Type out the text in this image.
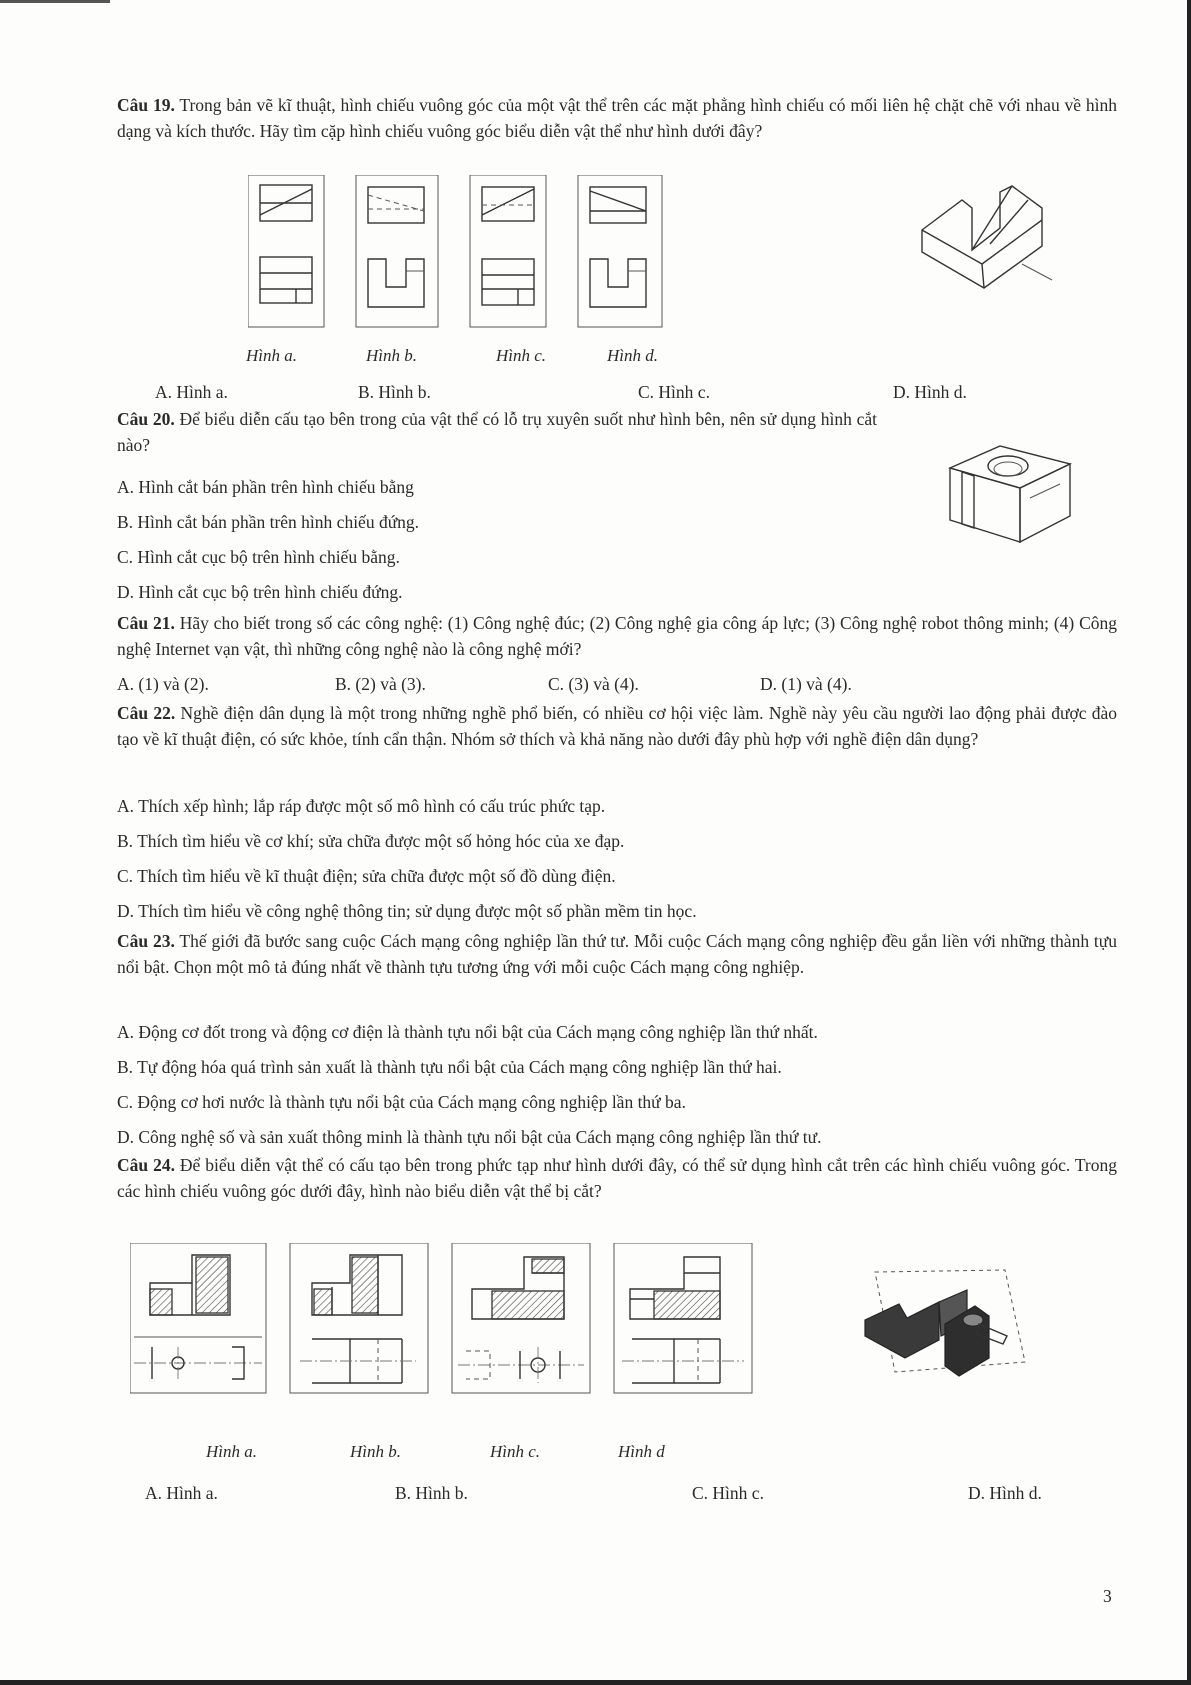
Câu 19. Trong bản vẽ kĩ thuật, hình chiếu vuông góc của một vật thể trên các mặt phẳng hình chiếu có mối liên hệ chặt chẽ với nhau về hình dạng và kích thước. Hãy tìm cặp hình chiếu vuông góc biểu diễn vật thể như hình dưới đây?
Hình a.	Hình b.	Hình c.	Hình d.
A. Hình a.	B. Hình b.	C. Hình c.	D. Hình d.
Câu 20. Để biểu diễn cấu tạo bên trong của vật thể có lỗ trụ xuyên suốt như hình bên, nên sử dụng hình cắt nào?
A. Hình cắt bán phần trên hình chiếu bằng
B. Hình cắt bán phần trên hình chiếu đứng.
C. Hình cắt cục bộ trên hình chiếu bằng.
D. Hình cắt cục bộ trên hình chiếu đứng.
Câu 21. Hãy cho biết trong số các công nghệ: (1) Công nghệ đúc; (2) Công nghệ gia công áp lực; (3) Công nghệ robot thông minh; (4) Công nghệ Internet vạn vật, thì những công nghệ nào là công nghệ mới?
A. (1) và (2).	B. (2) và (3).	C. (3) và (4).	D. (1) và (4).
Câu 22. Nghề điện dân dụng là một trong những nghề phổ biến, có nhiều cơ hội việc làm. Nghề này yêu cầu người lao động phải được đào tạo về kĩ thuật điện, có sức khỏe, tính cẩn thận. Nhóm sở thích và khả năng nào dưới đây phù hợp với nghề điện dân dụng?
A. Thích xếp hình; lắp ráp được một số mô hình có cấu trúc phức tạp.
B. Thích tìm hiểu về cơ khí; sửa chữa được một số hỏng hóc của xe đạp.
C. Thích tìm hiểu về kĩ thuật điện; sửa chữa được một số đồ dùng điện.
D. Thích tìm hiểu về công nghệ thông tin; sử dụng được một số phần mềm tin học.
Câu 23. Thế giới đã bước sang cuộc Cách mạng công nghiệp lần thứ tư. Mỗi cuộc Cách mạng công nghiệp đều gắn liền với những thành tựu nổi bật. Chọn một mô tả đúng nhất về thành tựu tương ứng với mỗi cuộc Cách mạng công nghiệp.
A. Động cơ đốt trong và động cơ điện là thành tựu nổi bật của Cách mạng công nghiệp lần thứ nhất.
B. Tự động hóa quá trình sản xuất là thành tựu nổi bật của Cách mạng công nghiệp lần thứ hai.
C. Động cơ hơi nước là thành tựu nổi bật của Cách mạng công nghiệp lần thứ ba.
D. Công nghệ số và sản xuất thông minh là thành tựu nổi bật của Cách mạng công nghiệp lần thứ tư.
Câu 24. Để biểu diễn vật thể có cấu tạo bên trong phức tạp như hình dưới đây, có thể sử dụng hình cắt trên các hình chiếu vuông góc. Trong các hình chiếu vuông góc dưới đây, hình nào biểu diễn vật thể bị cắt?
Hình a.	Hình b.	Hình c.	Hình d
A. Hình a.	B. Hình b.	C. Hình c.	D. Hình d.
3
